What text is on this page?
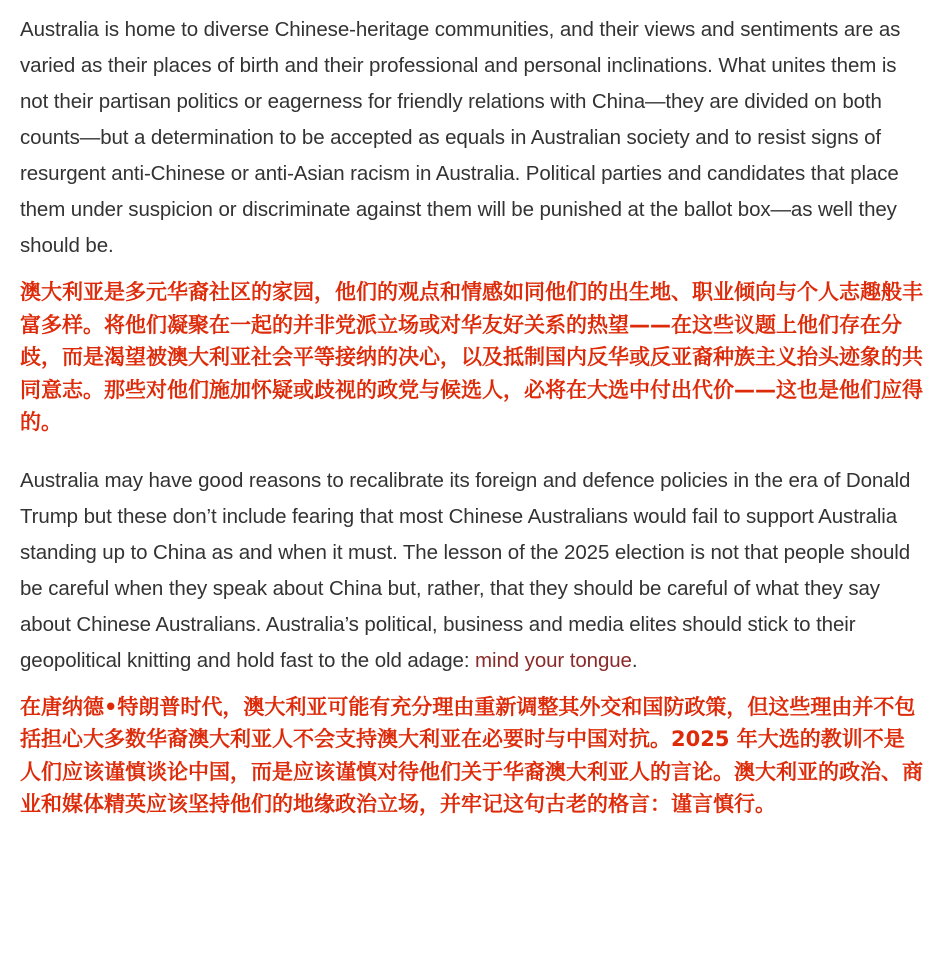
Australia is home to diverse Chinese-heritage communities, and their views and sentiments are as varied as their places of birth and their professional and personal inclinations. What unites them is not their partisan politics or eagerness for friendly relations with China—they are divided on both counts—but a determination to be accepted as equals in Australian society and to resist signs of resurgent anti-Chinese or anti-Asian racism in Australia. Political parties and candidates that place them under suspicion or discriminate against them will be punished at the ballot box—as well they should be.

澳大利亚是多元华裔社区的家园，他们的观点和情感如同他们的出生地、职业倾向与个人志趣般丰富多样。将他们凝聚在一起的并非党派立场或对华友好关系的热望——在这些议题上他们存在分歧，而是渴望被澳大利亚社会平等接纳的决心，以及抵制国内反华或反亚裔种族主义抬头迹象的共同意志。那些对他们施加怀疑或歧视的政党与候选人，必将在大选中付出代价——这也是他们应得的。

Australia may have good reasons to recalibrate its foreign and defence policies in the era of Donald Trump but these don’t include fearing that most Chinese Australians would fail to support Australia standing up to China as and when it must. The lesson of the 2025 election is not that people should be careful when they speak about China but, rather, that they should be careful of what they say about Chinese Australians. Australia’s political, business and media elites should stick to their geopolitical knitting and hold fast to the old adage: mind your tongue.

在唐纳德•特朗普时代，澳大利亚可能有充分理由重新调整其外交和国防政策，但这些理由并不包括担心大多数华裔澳大利亚人不会支持澳大利亚在必要时与中国对抗。2025 年大选的教训不是人们应该谨慎谈论中国，而是应该谨慎对待他们关于华裔澳大利亚人的言论。澳大利亚的政治、商业和媒体精英应该坚持他们的地缘政治立场，并牢记这句古老的格言：谨言慎行。
